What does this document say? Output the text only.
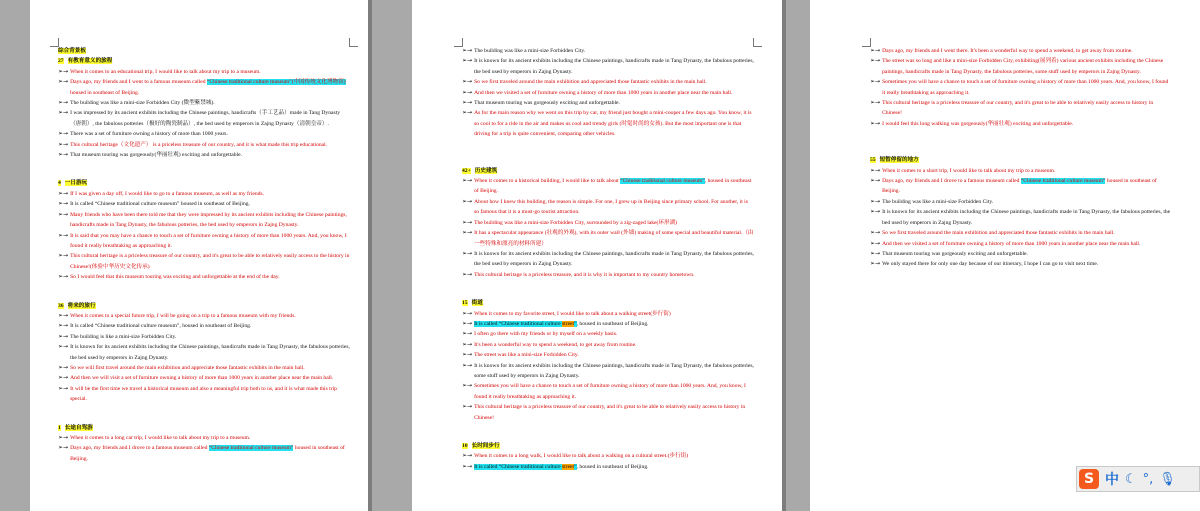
综合背景板
27 有教育意义的旅程
➢→ When it comes to an educational trip, I would like to talk about my trip to a museum.
➢→ Days ago, my friends and I went to a famous museum called “Chinese traditional culture museum”(中国传统文化博物馆) housed in southeast of Beijing.
➢→ The building was like a mini-size Forbidden City (微型紫禁城).
➢→ I was impressed by its ancient exhibits including the Chinese paintings, handicrafts（手工艺品）made in Tang Dynasty（唐朝）, the fabulous potteries（极好的陶瓷制品）, the bed used by emperors in Zajng Dynasty（清朝皇帝）.
➢→ There was a set of furniture owning a history of more than 1000 years.
➢→ This cultural heritage（文化遗产） is a priceless treasure of our country, and it is what made this trip educational.
➢→ That museum touring was gorgeously(华丽壮观) exciting and unforgettable.
4 一日游玩
➢→ If I was given a day off, I would like to go to a famous museum, as well as my friends.
➢→ It is called “Chinese traditional culture museum” housed in southeast of Beijing.
➢→ Many friends who have been there told me that they were impressed by its ancient exhibits including the Chinese paintings, handicrafts made in Tang Dynasty, the fabulous potteries, the bed used by emperors in Zajng Dynasty.
➢→ It is said that you may have a chance to touch a set of furniture owning a history of more than 1000 years. And, you know, I found it really breathtaking as approaching it.
➢→ This cultural heritage is a priceless treasure of our country, and it's great to be able to relatively easily access to the history in Chinese!(体验中华历史文化传承)
➢→ So I would feel that this museum touring was exciting and unforgettable at the end of the day.
36 将来的旅行
➢→ When it comes to a special future trip, I will be going on a trip to a famous museum with my friends.
➢→ It is called “Chinese traditional culture museum”, housed in southeast of Beijing.
➢→ The building is like a mini-size Forbidden City.
➢→ It is known for its ancient exhibits including the Chinese paintings, handicrafts made in Tang Dynasty, the fabulous potteries, the bed used by emperors in Zajng Dynasty.
➢→ So we will first travel around the main exhibition and appreciate those fantastic exhibits in the main hall.
➢→ And then we will visit a set of furniture owning a history of more than 1000 years in another place near the main hall.
➢→ It will be the first time we travel a historical museum and also a meaningful trip both to us, and it is what made this trip special.
1 长途自驾游
➢→ When it comes to a long car trip, I would like to talk about my trip to a museum.
➢→ Days ago, my friends and I drove to a famous museum called “Chinese traditional culture museum” housed in southeast of Beijing.
➢→ The building was like a mini-size Forbidden City.
➢→ It is known for its ancient exhibits including the Chinese paintings, handicrafts made in Tang Dynasty, the fabulous potteries, the bed used by emperors in Zajng Dynasty.
➢→ So we first traveled around the main exhibition and appreciated those fantastic exhibits in the main hall.
➢→ And then we visited a set of furniture owning a history of more than 1000 years in another place near the main hall.
➢→ That museum touring was gorgeously exciting and unforgettable.
➢→ As for the main reason why we went on this trip by car, my friend just bought a mini-cooper a few days ago. You know, it is so cool to for a ride in the air and makes us cool and trendy girls (时髦时尚的女孩). But the most important one is that driving for a trip is quite convenient, comparing other vehicles.
42+ 历史建筑
➢→ When it comes to a historical building, I would like to talk about “Chinese traditional culture museum”, housed in southeast of Beijing.
➢→ About how I knew this building, the reason is simple. For one, I grew up in Beijing since primary school. For another, it is so famous that it is a must-go tourist attraction.
➢→ The building was like a mini-size Forbidden City, surrounded by a zig-zaged lake(环形湖)
➢→ It has a spectacular appearance (壮观的外观), with its outer wall (外墙) making of some special and beautiful material.（由一些特殊和漂亮的材料所建）
➢→ It is known for its ancient exhibits including the Chinese paintings, handicrafts made in Tang Dynasty, the fabulous potteries, the bed used by emperors in Zajng Dynasty.
➢→ This cultural heritage is a priceless treasure, and it is why it is important to my country hometown.
15 街道
➢→ When it comes to my favorite street, I would like to talk about a walking street(步行街)
➢→ It is called “Chinese traditional culture street”, housed in southeast of Beijing.
➢→ I often go there with my friends or by myself on a weekly basis.
➢→ It's been a wonderful way to spend a weekend, to get away from routine.
➢→ The street was like a mini-size Forbidden City.
➢→ It is known for its ancient exhibits including the Chinese paintings, handicrafts made in Tang Dynasty, the fabulous potteries, some stuff used by emperors in Zajng Dynasty.
➢→ Sometimes you will have a chance to touch a set of furniture owning a history of more than 1000 years. And, you know, I found it really breathtaking as approaching it.
➢→ This cultural heritage is a priceless treasure of our country, and it's great to be able to relatively easily access to history in Chinese!
10 长时间步行
➢→ When it comes to a long walk, I would like to talk about a walking on a cultural street.(步行街)
➢→ It is called “Chinese traditional culture street”, housed in southeast of Beijing.
➢→ Days ago, my friends and I went there. It's been a wonderful way to spend a weekend, to get away from routine.
➢→ The street was so long and like a mini-size Forbidden City, exhibiting(展列着) various ancient exhibits including the Chinese paintings, handicrafts made in Tang Dynasty, the fabulous potteries, some stuff used by emperors in Zajng Dynasty.
➢→ Sometimes you will have a chance to touch a set of furniture owning a history of more than 1000 years. And, you know, I found it really breathtaking as approaching it.
➢→ This cultural heritage is a priceless treasure of our country, and it's great to be able to relatively easily access to history in Chinese!
➢→ I would feel this long walking was gorgeously(华丽壮观) exciting and unforgettable.
55 短暂停留的地方
➢→ When it comes to a short trip, I would like to talk about my trip to a museum.
➢→ Days ago, my friends and I drove to a famous museum called “Chinese traditional culture museum” housed in southeast of Beijing.
➢→ The building was like a mini-size Forbidden City.
➢→ It is known for its ancient exhibits including the Chinese paintings, handicrafts made in Tang Dynasty, the fabulous potteries, the bed used by emperors in Zajng Dynasty.
➢→ So we first traveled around the main exhibition and appreciated those fantastic exhibits in the main hall.
➢→ And then we visited a set of furniture owning a history of more than 1000 years in another place near the main hall.
➢→ That museum touring was gorgeously exciting and unforgettable.
➢→ We only stayed there for only one day because of our itinerary, I hope I can go to visit next time.
S 中 ☾ °, 🎙
